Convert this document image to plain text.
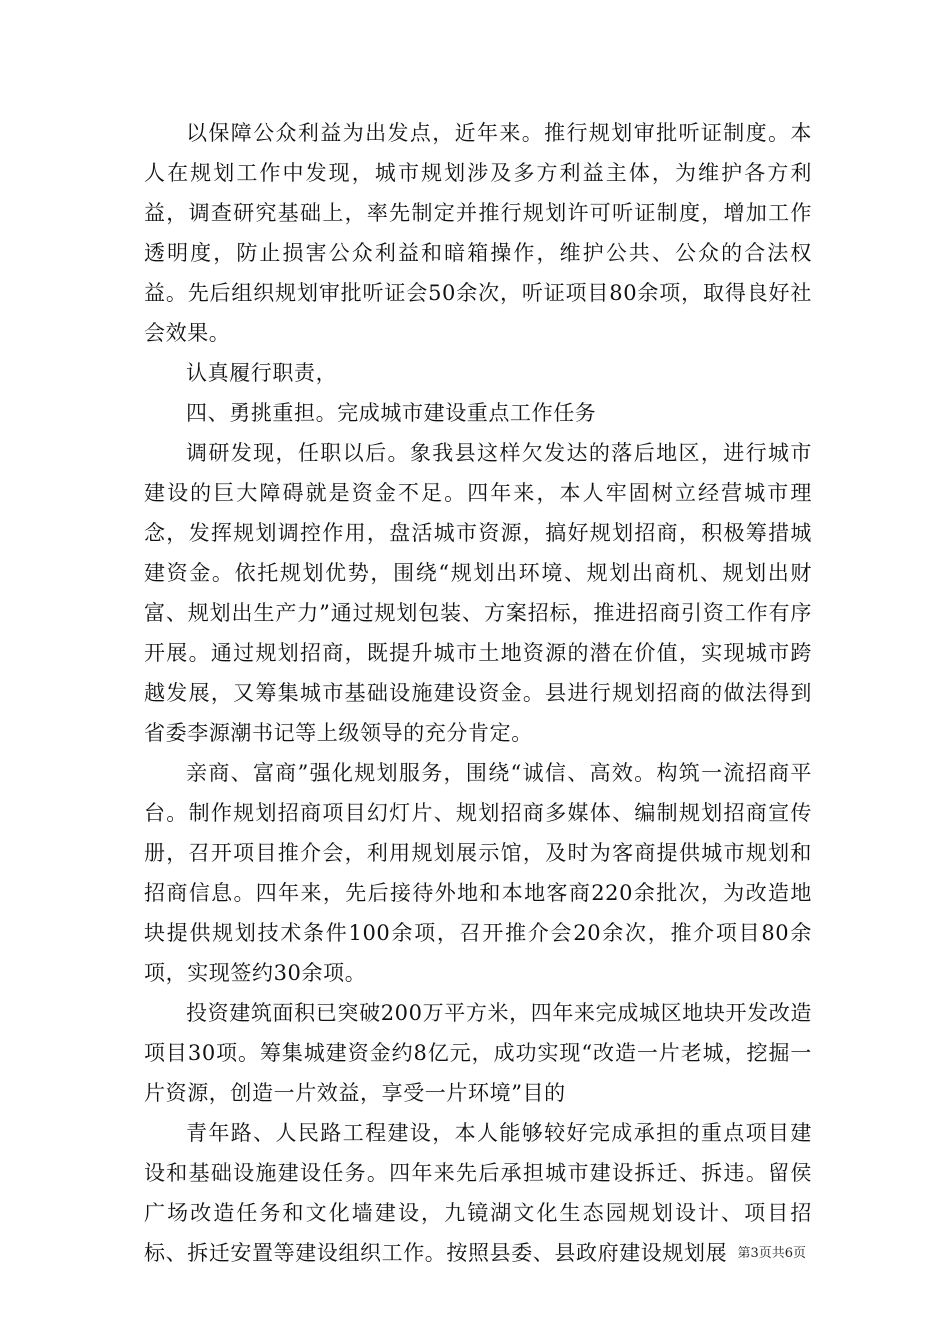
以保障公众利益为出发点，近年来。推行规划审批听证制度。本人在规划工作中发现，城市规划涉及多方利益主体，为维护各方利益，调查研究基础上，率先制定并推行规划许可听证制度，增加工作透明度，防止损害公众利益和暗箱操作，维护公共、公众的合法权益。先后组织规划审批听证会50余次，听证项目80余项，取得良好社会效果。

认真履行职责，

四、勇挑重担。完成城市建设重点工作任务

调研发现，任职以后。象我县这样欠发达的落后地区，进行城市建设的巨大障碍就是资金不足。四年来，本人牢固树立经营城市理念，发挥规划调控作用，盘活城市资源，搞好规划招商，积极筹措城建资金。依托规划优势，围绕“规划出环境、规划出商机、规划出财富、规划出生产力”通过规划包装、方案招标，推进招商引资工作有序开展。通过规划招商，既提升城市土地资源的潜在价值，实现城市跨越发展，又筹集城市基础设施建设资金。县进行规划招商的做法得到省委李源潮书记等上级领导的充分肯定。

亲商、富商”强化规划服务，围绕“诚信、高效。构筑一流招商平台。制作规划招商项目幻灯片、规划招商多媒体、编制规划招商宣传册，召开项目推介会，利用规划展示馆，及时为客商提供城市规划和招商信息。四年来，先后接待外地和本地客商220余批次，为改造地块提供规划技术条件100余项，召开推介会20余次，推介项目80余项，实现签约30余项。

投资建筑面积已突破200万平方米，四年来完成城区地块开发改造项目30项。筹集城建资金约8亿元，成功实现“改造一片老城，挖掘一片资源，创造一片效益，享受一片环境”目的

青年路、人民路工程建设，本人能够较好完成承担的重点项目建设和基础设施建设任务。四年来先后承担城市建设拆迁、拆违。留侯广场改造任务和文化墙建设，九镜湖文化生态园规划设计、项目招标、拆迁安置等建设组织工作。按照县委、县政府建设规划展 第3页共6页
